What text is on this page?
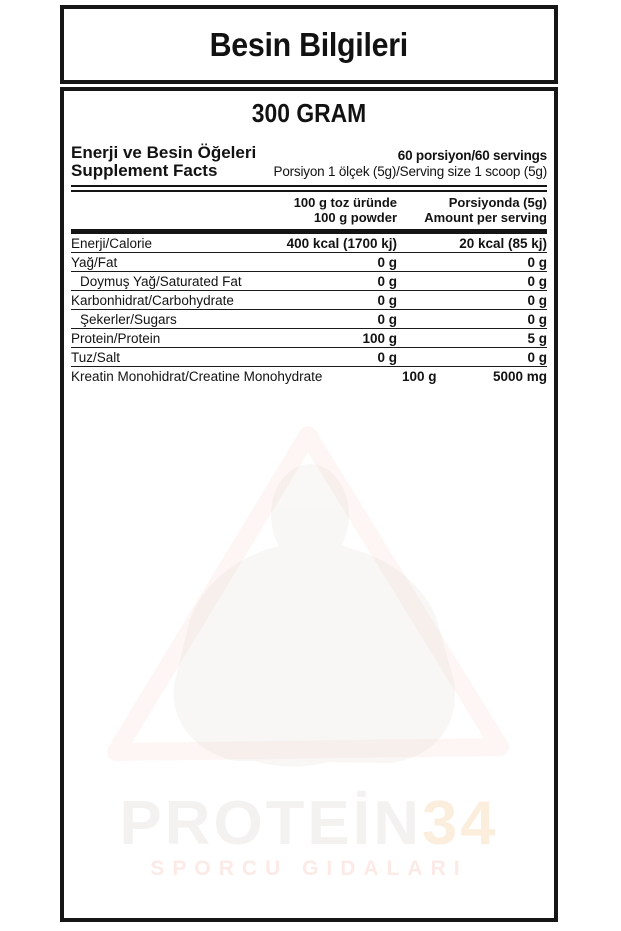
Besin Bilgileri
PROTEİN34
SPORCU GIDALARI
300 GRAM
Enerji ve Besin Öğeleri
Supplement Facts
60 porsiyon/60 servings
Porsiyon 1 ölçek (5g)/Serving size 1 scoop (5g)
100 g toz üründe
100 g powder
Porsiyonda (5g)
Amount per serving
Enerji/Calorie	400 kcal (1700 kj)	20 kcal (85 kj)
Yağ/Fat	0 g	0 g
Doymuş Yağ/Saturated Fat	0 g	0 g
Karbonhidrat/Carbohydrate	0 g	0 g
Şekerler/Sugars	0 g	0 g
Protein/Protein	100 g	5 g
Tuz/Salt	0 g	0 g
Kreatin Monohidrat/Creatine Monohydrate	100 g	5000 mg
